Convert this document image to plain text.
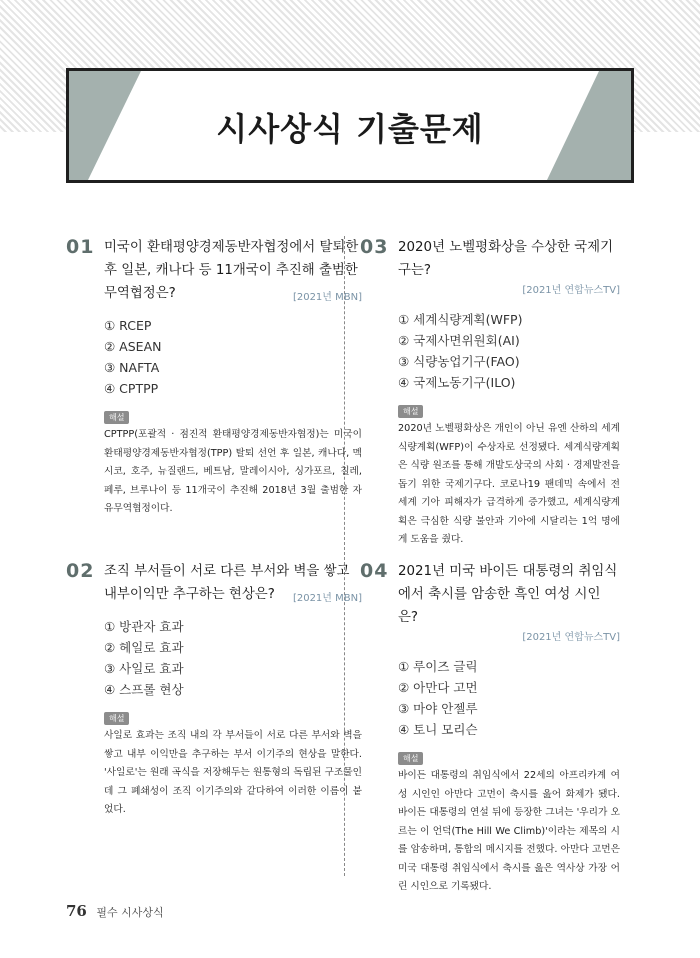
시사상식 기출문제
01 미국이 환태평양경제동반자협정에서 탈퇴한 후 일본, 캐나다 등 11개국이 추진해 출범한 무역협정은?	[2021년 MBN]
① RCEP
② ASEAN
③ NAFTA
④ CPTPP
해설
CPTPP(포괄적 · 점진적 환태평양경제동반자협정)는 미국이 환태평양경제동반자협정(TPP) 탈퇴 선언 후 일본, 캐나다, 멕시코, 호주, 뉴질랜드, 베트남, 말레이시아, 싱가포르, 칠레, 페루, 브루나이 등 11개국이 추진해 2018년 3월 출범한 자유무역협정이다.
02 조직 부서들이 서로 다른 부서와 벽을 쌓고 내부이익만 추구하는 현상은? [2021년 MBN]
① 방관자 효과
② 헤일로 효과
③ 사일로 효과
④ 스프롤 현상
해설
사일로 효과는 조직 내의 각 부서들이 서로 다른 부서와 벽을 쌓고 내부 이익만을 추구하는 부서 이기주의 현상을 말한다. '사일로'는 원래 곡식을 저장해두는 원통형의 독립된 구조물인데 그 폐쇄성이 조직 이기주의와 같다하여 이러한 이름이 붙었다.
03 2020년 노벨평화상을 수상한 국제기구는?
[2021년 연합뉴스TV]
① 세계식량계획(WFP)
② 국제사면위원회(AI)
③ 식량농업기구(FAO)
④ 국제노동기구(ILO)
해설
2020년 노벨평화상은 개인이 아닌 유엔 산하의 세계식량계획(WFP)이 수상자로 선정됐다. 세계식량계획은 식량 원조를 통해 개발도상국의 사회 · 경제발전을 돕기 위한 국제기구다. 코로나19 팬데믹 속에서 전 세계 기아 피해자가 급격하게 증가했고, 세계식량계획은 극심한 식량 불안과 기아에 시달리는 1억 명에게 도움을 줬다.
04 2021년 미국 바이든 대통령의 취임식에서 축시를 암송한 흑인 여성 시인은?
[2021년 연합뉴스TV]
① 루이즈 글릭
② 아만다 고먼
③ 마야 안젤루
④ 토니 모리슨
해설
바이든 대통령의 취임식에서 22세의 아프리카계 여성 시인인 아만다 고먼이 축시를 읊어 화제가 됐다. 바이든 대통령의 연설 뒤에 등장한 그녀는 '우리가 오르는 이 언덕(The Hill We Climb)'이라는 제목의 시를 암송하며, 통합의 메시지를 전했다. 아만다 고먼은 미국 대통령 취임식에서 축시를 읊은 역사상 가장 어린 시인으로 기록됐다.
76 필수 시사상식
